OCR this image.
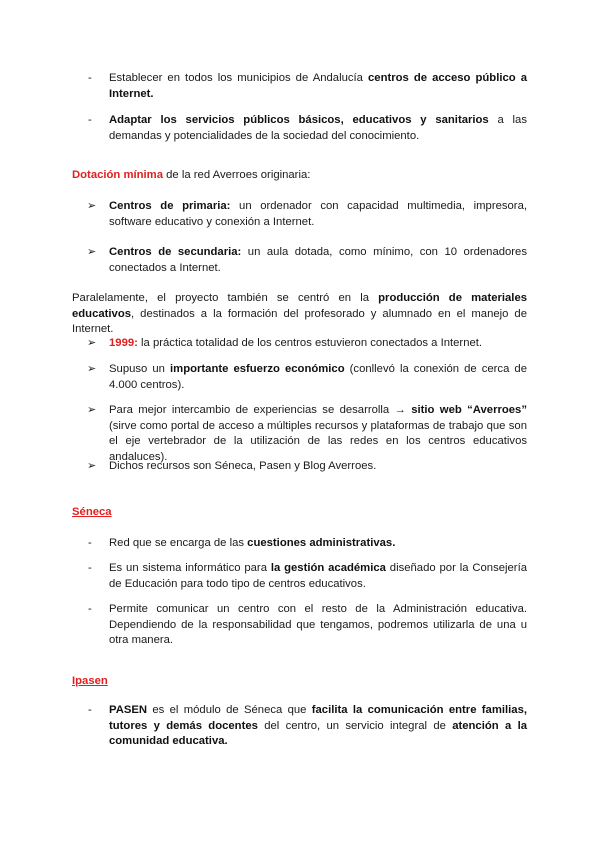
- Establecer en todos los municipios de Andalucía centros de acceso público a Internet.
- Adaptar los servicios públicos básicos, educativos y sanitarios a las demandas y potencialidades de la sociedad del conocimiento.
Dotación mínima de la red Averroes originaria:
➢ Centros de primaria: un ordenador con capacidad multimedia, impresora, software educativo y conexión a Internet.
➢ Centros de secundaria: un aula dotada, como mínimo, con 10 ordenadores conectados a Internet.
Paralelamente, el proyecto también se centró en la producción de materiales educativos, destinados a la formación del profesorado y alumnado en el manejo de Internet.
➢ 1999: la práctica totalidad de los centros estuvieron conectados a Internet.
➢ Supuso un importante esfuerzo económico (conllevó la conexión de cerca de 4.000 centros).
➢ Para mejor intercambio de experiencias se desarrolla → sitio web “Averroes” (sirve como portal de acceso a múltiples recursos y plataformas de trabajo que son el eje vertebrador de la utilización de las redes en los centros educativos andaluces).
➢ Dichos recursos son Séneca, Pasen y Blog Averroes.
Séneca
- Red que se encarga de las cuestiones administrativas.
- Es un sistema informático para la gestión académica diseñado por la Consejería de Educación para todo tipo de centros educativos.
- Permite comunicar un centro con el resto de la Administración educativa. Dependiendo de la responsabilidad que tengamos, podremos utilizarla de una u otra manera.
Ipasen
- PASEN es el módulo de Séneca que facilita la comunicación entre familias, tutores y demás docentes del centro, un servicio integral de atención a la comunidad educativa.
